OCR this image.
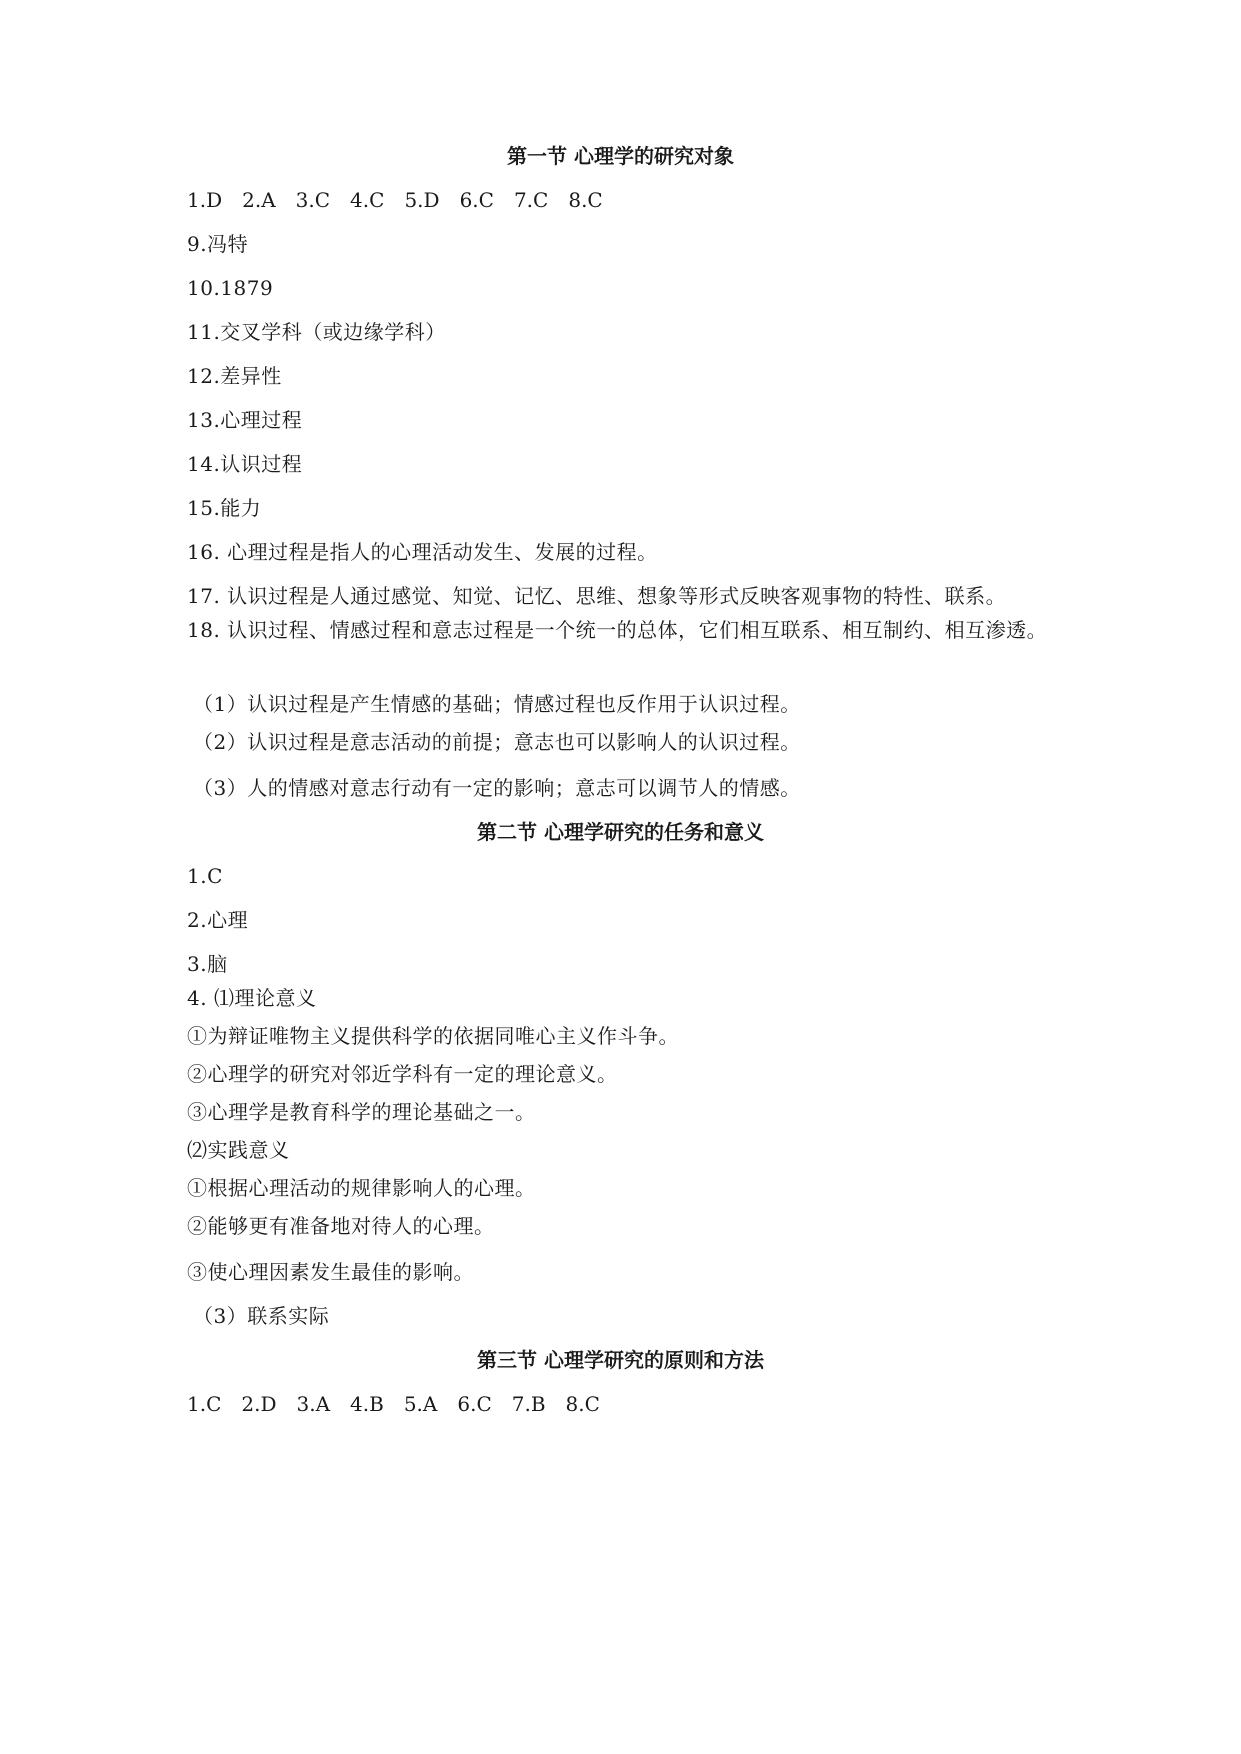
第一节 心理学的研究对象
1.D 2.A 3.C 4.C 5.D 6.C 7.C 8.C
9.冯特
10.1879
11.交叉学科（或边缘学科）
12.差异性
13.心理过程
14.认识过程
15.能力
16. 心理过程是指人的心理活动发生、发展的过程。
17. 认识过程是人通过感觉、知觉、记忆、思维、想象等形式反映客观事物的特性、联系。
18. 认识过程、情感过程和意志过程是一个统一的总体，它们相互联系、相互制约、相互渗透。
（1）认识过程是产生情感的基础；情感过程也反作用于认识过程。
（2）认识过程是意志活动的前提；意志也可以影响人的认识过程。
（3）人的情感对意志行动有一定的影响；意志可以调节人的情感。
第二节 心理学研究的任务和意义
1.C
2.心理
3.脑
4. ⑴理论意义
①为辩证唯物主义提供科学的依据同唯心主义作斗争。
②心理学的研究对邻近学科有一定的理论意义。
③心理学是教育科学的理论基础之一。
⑵实践意义
①根据心理活动的规律影响人的心理。
②能够更有准备地对待人的心理。
③使心理因素发生最佳的影响。
（3）联系实际
第三节 心理学研究的原则和方法
1.C 2.D 3.A 4.B 5.A 6.C 7.B 8.C
